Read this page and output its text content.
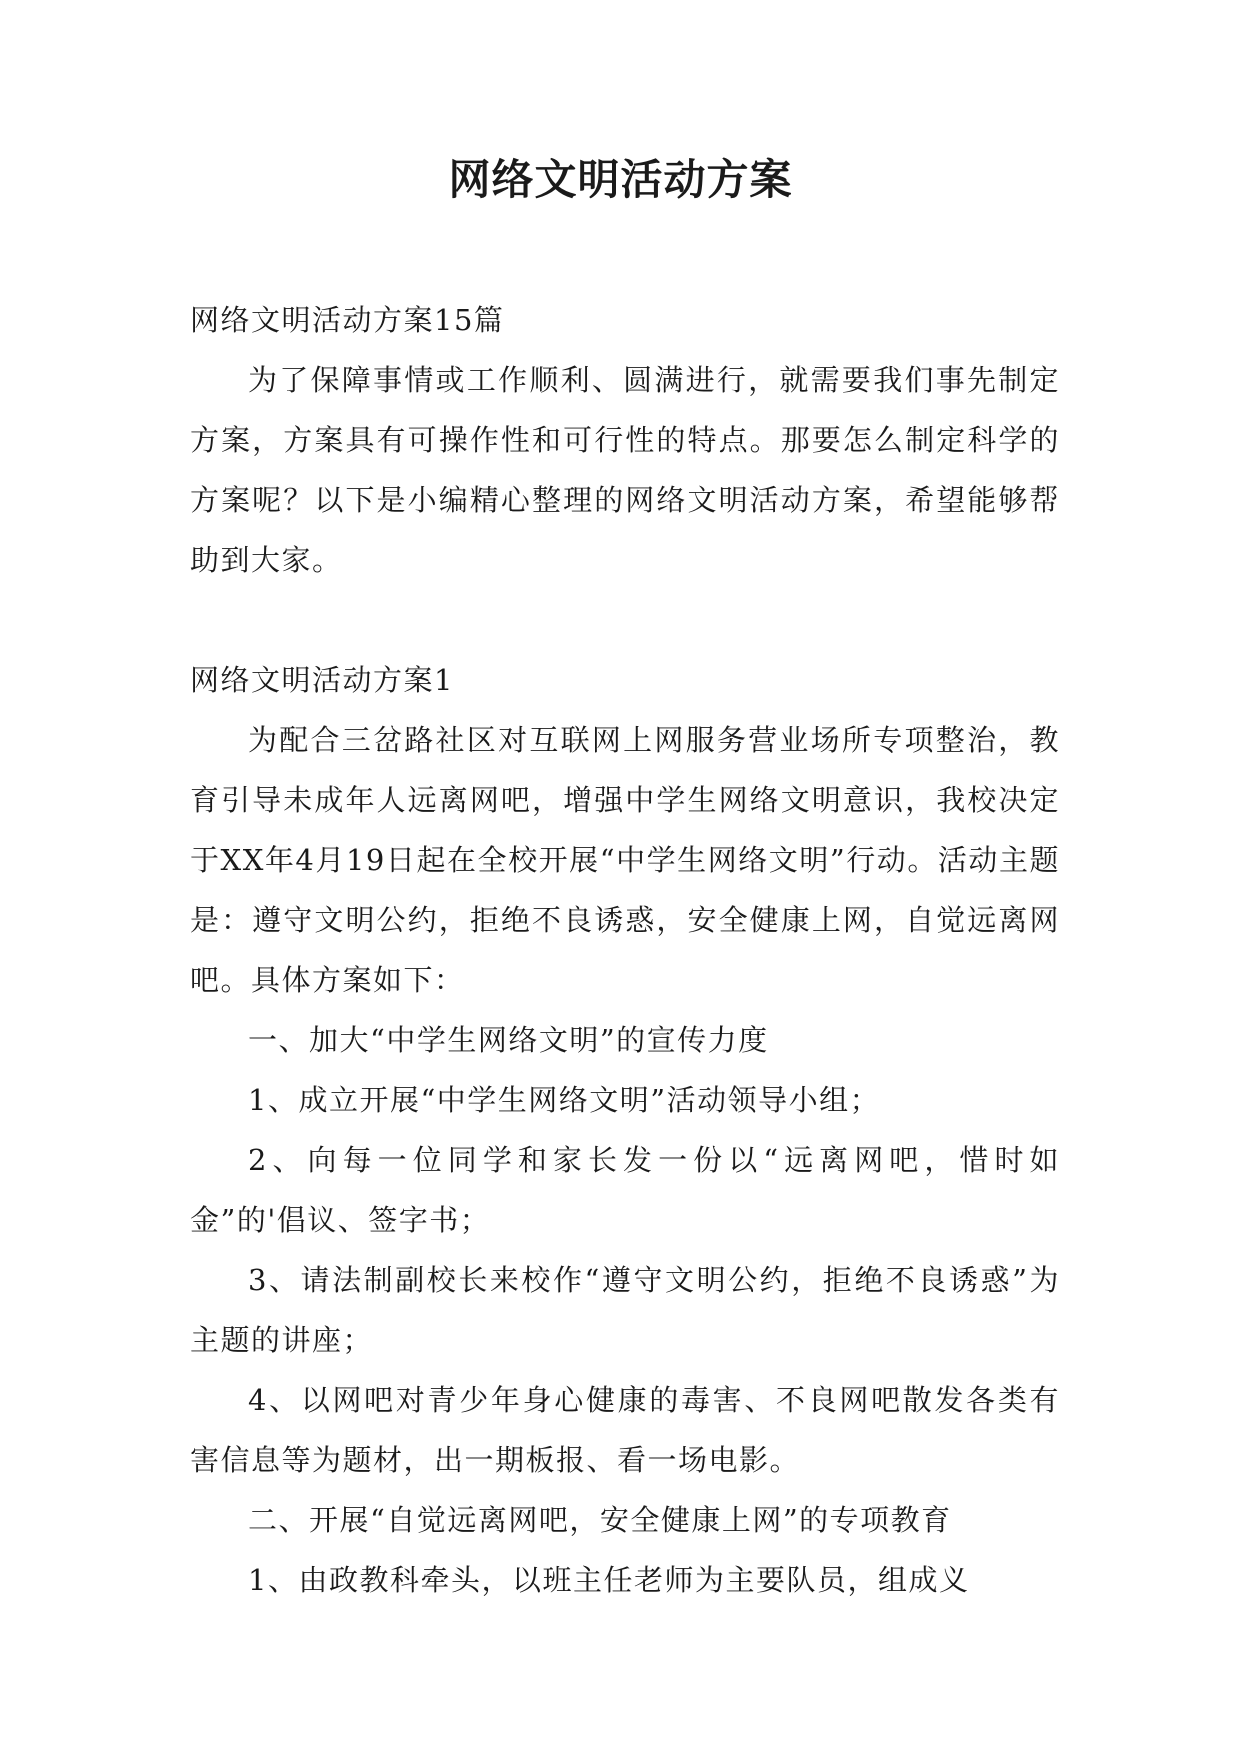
网络文明活动方案

网络文明活动方案15篇

为了保障事情或工作顺利、圆满进行，就需要我们事先制定方案，方案具有可操作性和可行性的特点。那要怎么制定科学的方案呢？以下是小编精心整理的网络文明活动方案，希望能够帮助到大家。

网络文明活动方案1

为配合三岔路社区对互联网上网服务营业场所专项整治，教育引导未成年人远离网吧，增强中学生网络文明意识，我校决定于XX年4月19日起在全校开展“中学生网络文明”行动。活动主题是：遵守文明公约，拒绝不良诱惑，安全健康上网，自觉远离网吧。具体方案如下：

一、加大“中学生网络文明”的宣传力度

1、成立开展“中学生网络文明”活动领导小组；

2、向每一位同学和家长发一份以“远离网吧，惜时如金”的'倡议、签字书；

3、请法制副校长来校作“遵守文明公约，拒绝不良诱惑”为主题的讲座；

4、以网吧对青少年身心健康的毒害、不良网吧散发各类有害信息等为题材，出一期板报、看一场电影。

二、开展“自觉远离网吧，安全健康上网”的专项教育

1、由政教科牵头，以班主任老师为主要队员，组成义
